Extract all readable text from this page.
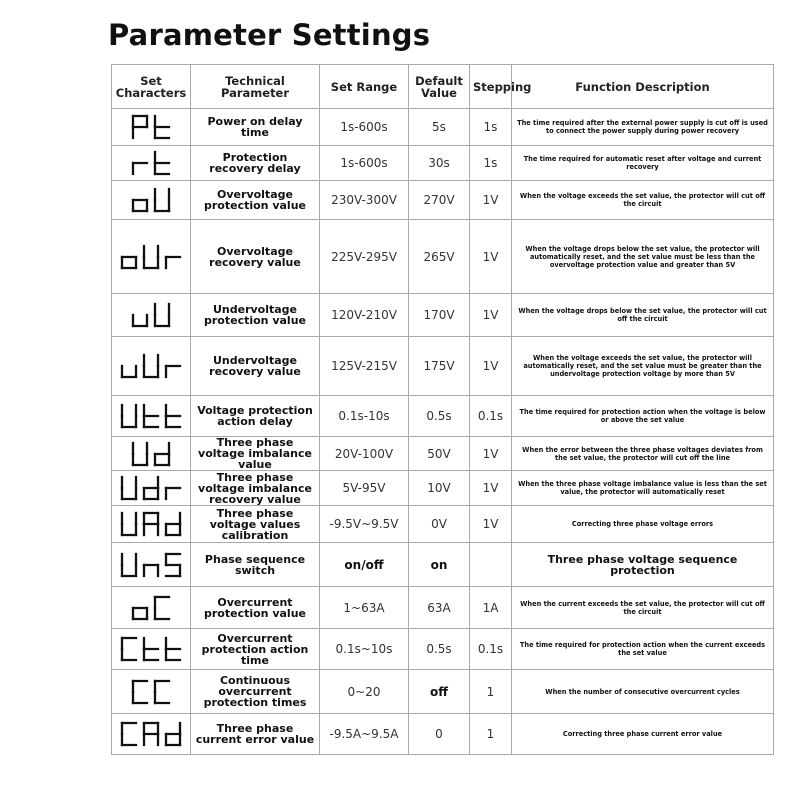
Parameter Settings
Set Characters	Technical Parameter	Set Range	Default Value	Stepping	Function Description

	Power on delay time	1s-600s	5s	1s	The time required after the external power supply is cut off is used to connect the power supply during power recovery

	Protection recovery delay	1s-600s	30s	1s	The time required for automatic reset after voltage and current recovery

	Overvoltage protection value	230V-300V	270V	1V	When the voltage exceeds the set value, the protector will cut off the circuit

	Overvoltage recovery value	225V-295V	265V	1V	When the voltage drops below the set value, the protector will automatically reset, and the set value must be less than the overvoltage protection value and greater than 5V

	Undervoltage protection value	120V-210V	170V	1V	When the voltage drops below the set value, the protector will cut off the circuit

	Undervoltage recovery value	125V-215V	175V	1V	When the voltage exceeds the set value, the protector will automatically reset, and the set value must be greater than the undervoltage protection voltage by more than 5V

	Voltage protection action delay	0.1s-10s	0.5s	0.1s	The time required for protection action when the voltage is below or above the set value

	Three phase voltage imbalance value	20V-100V	50V	1V	When the error between the three phase voltages deviates from the set value, the protector will cut off the line

	Three phase voltage imbalance recovery value	5V-95V	10V	1V	When the three phase voltage imbalance value is less than the set value, the protector will automatically reset

	Three phase voltage values calibration	-9.5V~9.5V	0V	1V	Correcting three phase voltage errors

	Phase sequence switch	on/off	on		Three phase voltage sequence protection

	Overcurrent protection value	1~63A	63A	1A	When the current exceeds the set value, the protector will cut off the circuit

	Overcurrent protection action time	0.1s~10s	0.5s	0.1s	The time required for protection action when the current exceeds the set value

	Continuous overcurrent protection times	0~20	off	1	When the number of consecutive overcurrent cycles

	Three phase current error value	-9.5A~9.5A	0	1	Correcting three phase current error value
